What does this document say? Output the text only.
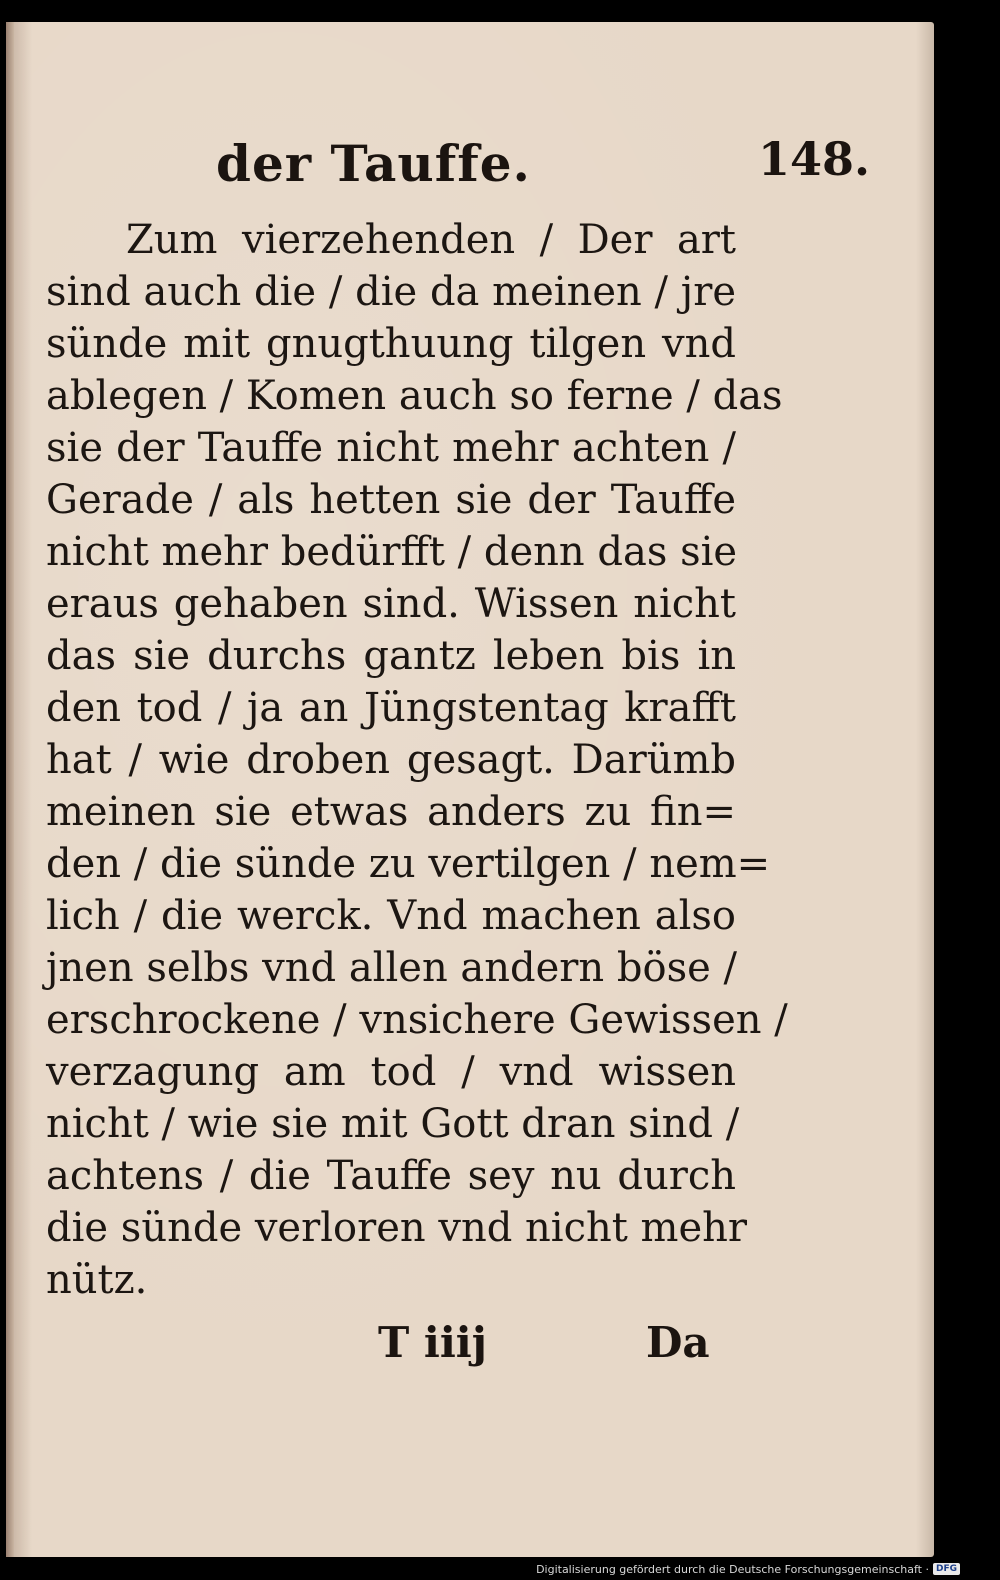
der Tauffe.	148.
Zum vierzehenden / Der art
sind auch die / die da meinen / jre
sünde mit gnugthuung tilgen vnd
ablegen / Komen auch so ferne / das
sie der Tauffe nicht mehr achten /
Gerade / als hetten sie der Tauffe
nicht mehr bedürfft / denn das sie
eraus gehaben sind. Wissen nicht
das sie durchs gantz leben bis in
den tod / ja an Jüngstentag krafft
hat / wie droben gesagt. Darümb
meinen sie etwas anders zu fin=
den / die sünde zu vertilgen / nem=
lich / die werck. Vnd machen also
jnen selbs vnd allen andern böse /
erschrockene / vnsichere Gewissen /
verzagung am tod / vnd wissen
nicht / wie sie mit Gott dran sind /
achtens / die Tauffe sey nu durch
die sünde verloren vnd nicht mehr
nütz.
T iiij	Da
Digitalisierung gefördert durch die Deutsche Forschungsgemeinschaft · DFG
